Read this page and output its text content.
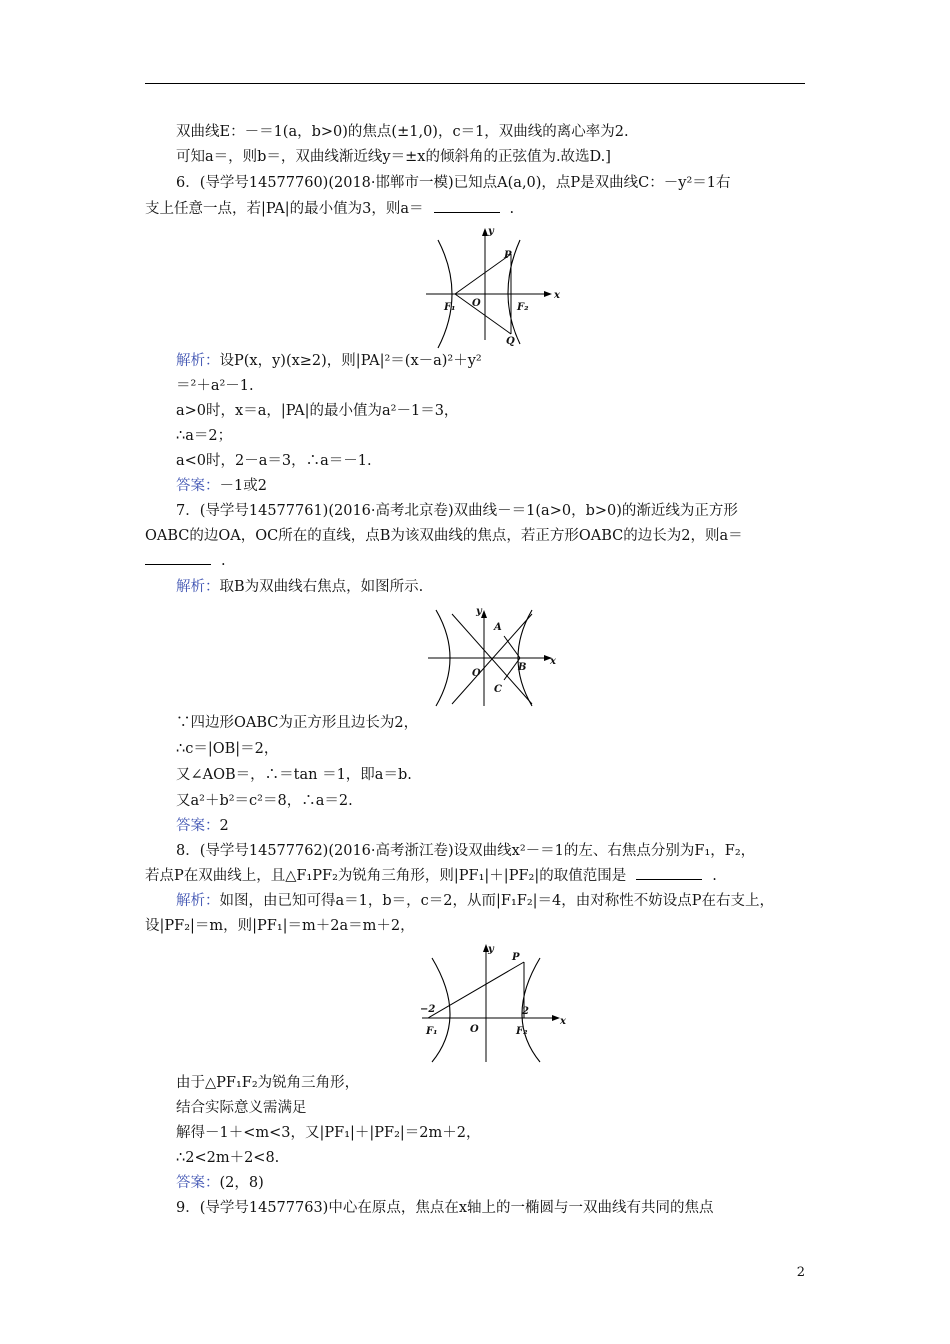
双曲线E：－＝1(a，b>0)的焦点(±1,0)，c＝1，双曲线的离心率为2.
可知a＝，则b＝，双曲线渐近线y＝±x的倾斜角的正弦值为.故选D.]
6．(导学号14577760)(2018·邯郸市一模)已知点A(a,0)，点P是双曲线C：－y²＝1右
支上任意一点，若|PA|的最小值为3，则a＝	.
y
P
x
F₁ O	F₂
Q
解析：设P(x，y)(x≥2)，则|PA|²＝(x－a)²＋y²
＝²＋a²－1.
a>0时，x＝a，|PA|的最小值为a²－1＝3，
∴a＝2；
a<0时，2－a＝3，∴a＝－1.
答案：－1或2
7．(导学号14577761)(2016·高考北京卷)双曲线－＝1(a>0，b>0)的渐近线为正方形
OABC的边OA，OC所在的直线，点B为该双曲线的焦点，若正方形OABC的边长为2，则a＝
.
解析：取B为双曲线右焦点，如图所示.
y
A
B
x
O
C
∵四边形OABC为正方形且边长为2，
∴c＝|OB|＝2，
又∠AOB＝，∴＝tan ＝1，即a＝b.
又a²＋b²＝c²＝8，∴a＝2.
答案：2
8．(导学号14577762)(2016·高考浙江卷)设双曲线x²－＝1的左、右焦点分别为F₁，F₂，
若点P在双曲线上，且△F₁PF₂为锐角三角形，则|PF₁|＋|PF₂|的取值范围是	.
解析：如图，由已知可得a＝1，b＝，c＝2，从而|F₁F₂|＝4，由对称性不妨设点P在右支上，
设|PF₂|＝m，则|PF₁|＝m＋2a＝m＋2，
y
P
−2	2
x
F₁	O	F₂
由于△PF₁F₂为锐角三角形，
结合实际意义需满足
解得－1＋<m<3，又|PF₁|＋|PF₂|＝2m＋2，
∴2<2m＋2<8.
答案：(2，8)
9．(导学号14577763)中心在原点，焦点在x轴上的一椭圆与一双曲线有共同的焦点
2
